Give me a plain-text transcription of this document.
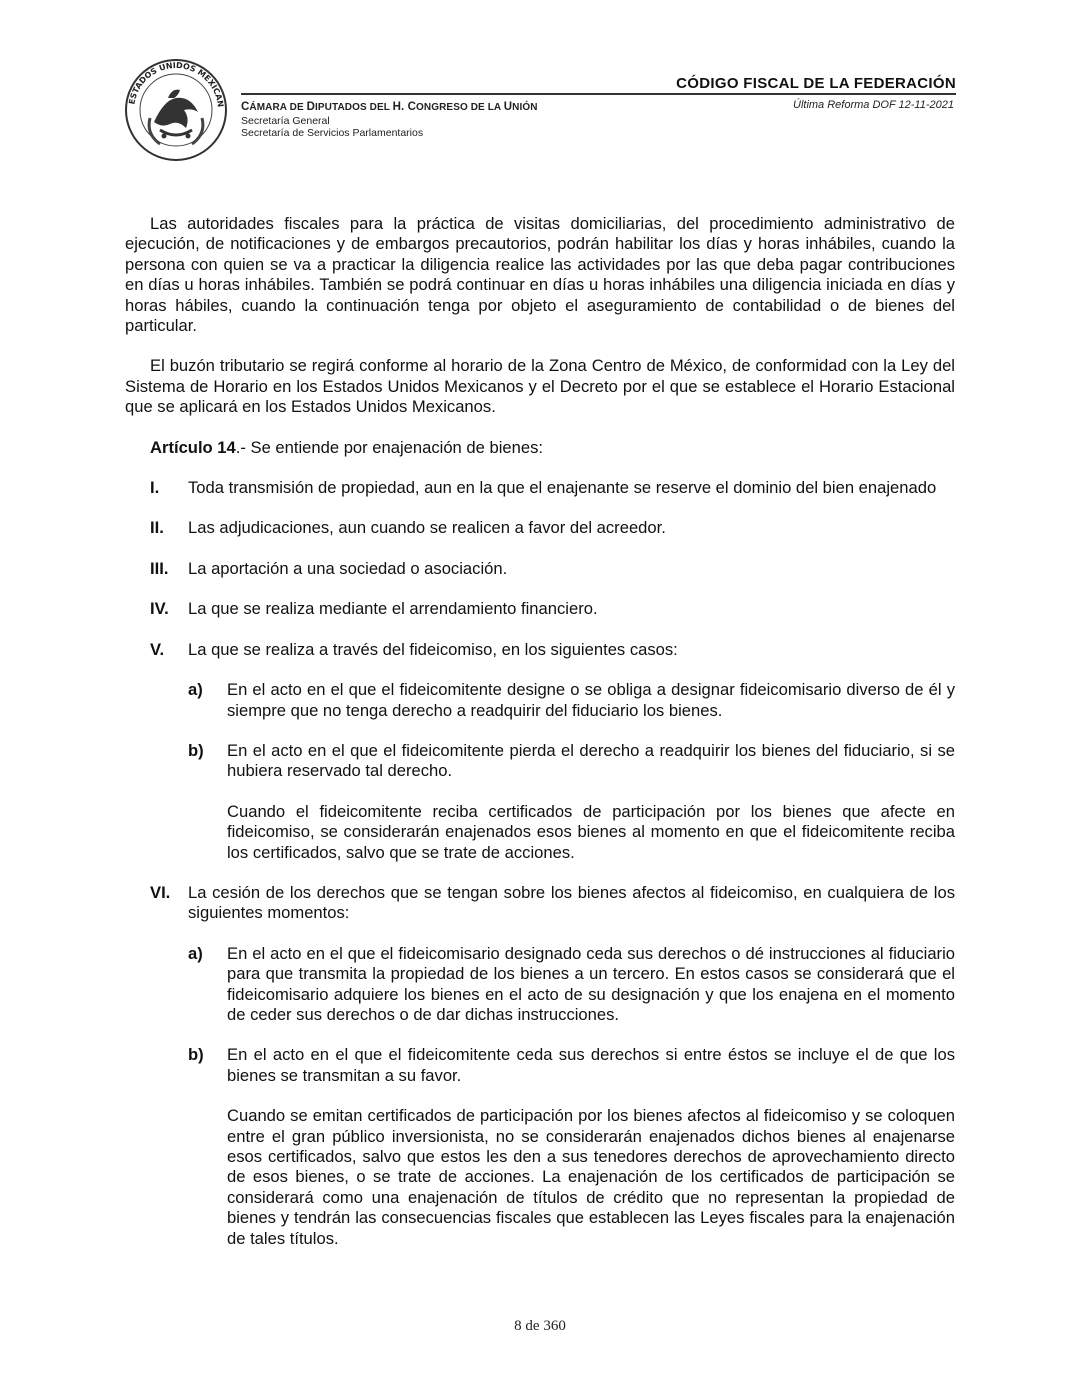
ESTADOS UNIDOS MEXICAN
CÓDIGO FISCAL DE LA FEDERACIÓN
Última Reforma DOF 12-11-2021
CÁMARA DE DIPUTADOS DEL H. CONGRESO DE LA UNIÓN
Secretaría General
Secretaría de Servicios Parlamentarios

Las autoridades fiscales para la práctica de visitas domiciliarias, del procedimiento administrativo de ejecución, de notificaciones y de embargos precautorios, podrán habilitar los días y horas inhábiles, cuando la persona con quien se va a practicar la diligencia realice las actividades por las que deba pagar contribuciones en días u horas inhábiles. También se podrá continuar en días u horas inhábiles una diligencia iniciada en días y horas hábiles, cuando la continuación tenga por objeto el aseguramiento de contabilidad o de bienes del particular.

El buzón tributario se regirá conforme al horario de la Zona Centro de México, de conformidad con la Ley del Sistema de Horario en los Estados Unidos Mexicanos y el Decreto por el que se establece el Horario Estacional que se aplicará en los Estados Unidos Mexicanos.

Artículo 14.- Se entiende por enajenación de bienes:
I. Toda transmisión de propiedad, aun en la que el enajenante se reserve el dominio del bien enajenado
II. Las adjudicaciones, aun cuando se realicen a favor del acreedor.
III. La aportación a una sociedad o asociación.
IV. La que se realiza mediante el arrendamiento financiero.
V. La que se realiza a través del fideicomiso, en los siguientes casos:
a) En el acto en el que el fideicomitente designe o se obliga a designar fideicomisario diverso de él y siempre que no tenga derecho a readquirir del fiduciario los bienes.
b) En el acto en el que el fideicomitente pierda el derecho a readquirir los bienes del fiduciario, si se hubiera reservado tal derecho.
Cuando el fideicomitente reciba certificados de participación por los bienes que afecte en fideicomiso, se considerarán enajenados esos bienes al momento en que el fideicomitente reciba los certificados, salvo que se trate de acciones.
VI. La cesión de los derechos que se tengan sobre los bienes afectos al fideicomiso, en cualquiera de los siguientes momentos:
a) En el acto en el que el fideicomisario designado ceda sus derechos o dé instrucciones al fiduciario para que transmita la propiedad de los bienes a un tercero. En estos casos se considerará que el fideicomisario adquiere los bienes en el acto de su designación y que los enajena en el momento de ceder sus derechos o de dar dichas instrucciones.
b) En el acto en el que el fideicomitente ceda sus derechos si entre éstos se incluye el de que los bienes se transmitan a su favor.
Cuando se emitan certificados de participación por los bienes afectos al fideicomiso y se coloquen entre el gran público inversionista, no se considerarán enajenados dichos bienes al enajenarse esos certificados, salvo que estos les den a sus tenedores derechos de aprovechamiento directo de esos bienes, o se trate de acciones. La enajenación de los certificados de participación se considerará como una enajenación de títulos de crédito que no representan la propiedad de bienes y tendrán las consecuencias fiscales que establecen las Leyes fiscales para la enajenación de tales títulos.
8 de 360
